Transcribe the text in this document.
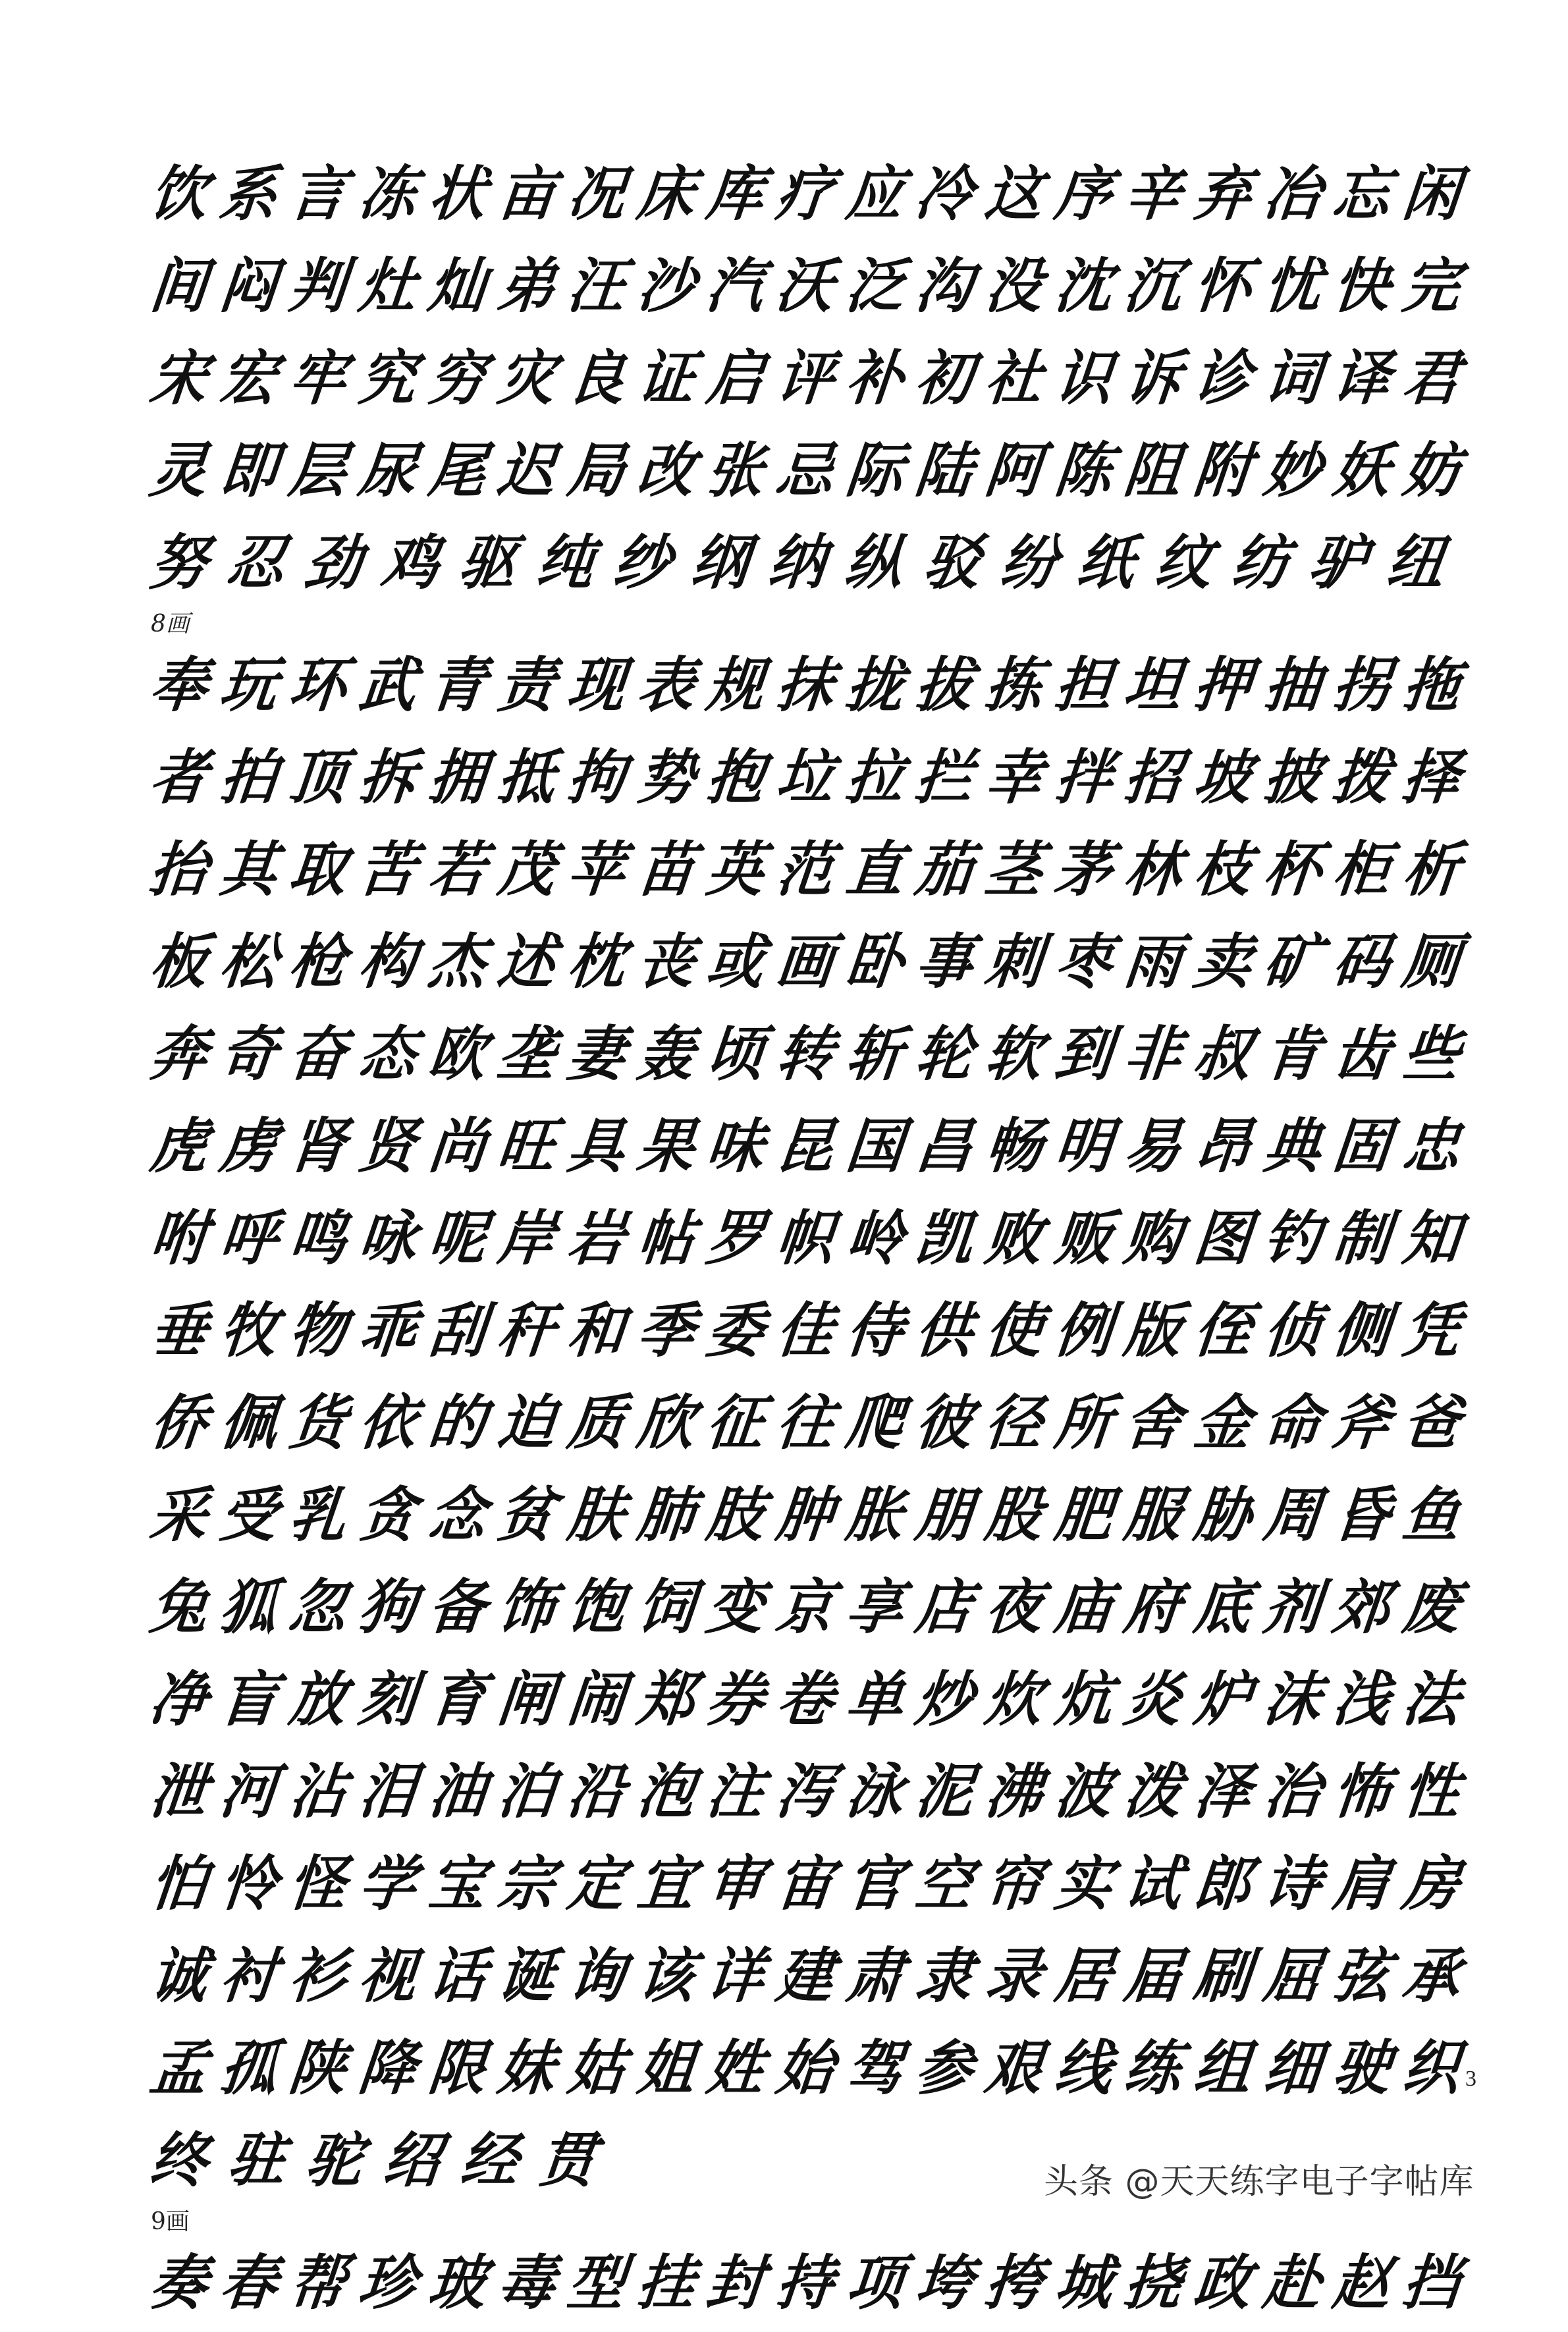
饮 系 言 冻 状 亩 况 床 库 疗 应 冷 这 序 辛 弃 冶 忘 闲
间 闷 判 灶 灿 弟 汪 沙 汽 沃 泛 沟 没 沈 沉 怀 忧 快 完
宋 宏 牢 究 穷 灾 良 证 启 评 补 初 社 识 诉 诊 词 译 君
灵 即 层 尿 尾 迟 局 改 张 忌 际 陆 阿 陈 阻 附 妙 妖 妨
努 忍 劲 鸡 驱 纯 纱 纲 纳 纵 驳 纷 纸 纹 纺 驴 纽
8画
奉 玩 环 武 青 责 现 表 规 抹 拢 拔 拣 担 坦 押 抽 拐 拖
者 拍 顶 拆 拥 抵 拘 势 抱 垃 拉 拦 幸 拌 招 坡 披 拨 择
抬 其 取 苦 若 茂 苹 苗 英 范 直 茄 茎 茅 林 枝 杯 柜 析
板 松 枪 构 杰 述 枕 丧 或 画 卧 事 刺 枣 雨 卖 矿 码 厕
奔 奇 奋 态 欧 垄 妻 轰 顷 转 斩 轮 软 到 非 叔 肯 齿 些
虎 虏 肾 贤 尚 旺 具 果 味 昆 国 昌 畅 明 易 昂 典 固 忠
咐 呼 鸣 咏 呢 岸 岩 帖 罗 帜 岭 凯 败 贩 购 图 钓 制 知
垂 牧 物 乖 刮 秆 和 季 委 佳 侍 供 使 例 版 侄 侦 侧 凭
侨 佩 货 依 的 迫 质 欣 征 往 爬 彼 径 所 舍 金 命 斧 爸
采 受 乳 贪 念 贫 肤 肺 肢 肿 胀 朋 股 肥 服 胁 周 昏 鱼
兔 狐 忽 狗 备 饰 饱 饲 变 京 享 店 夜 庙 府 底 剂 郊 废
净 盲 放 刻 育 闸 闹 郑 券 卷 单 炒 炊 炕 炎 炉 沫 浅 法
泄 河 沾 泪 油 泊 沿 泡 注 泻 泳 泥 沸 波 泼 泽 治 怖 性
怕 怜 怪 学 宝 宗 定 宜 审 宙 官 空 帘 实 试 郎 诗 肩 房
诚 衬 衫 视 话 诞 询 该 详 建 肃 隶 录 居 届 刷 屈 弦 承
孟 孤 陕 降 限 妹 姑 姐 姓 始 驾 参 艰 线 练 组 细 驶 织
终 驻 驼 绍 经 贯
9画
奏 春 帮 珍 玻 毒 型 挂 封 持 项 垮 挎 城 挠 政 赴 赵 挡
3
头条 @天天练字电子字帖库
